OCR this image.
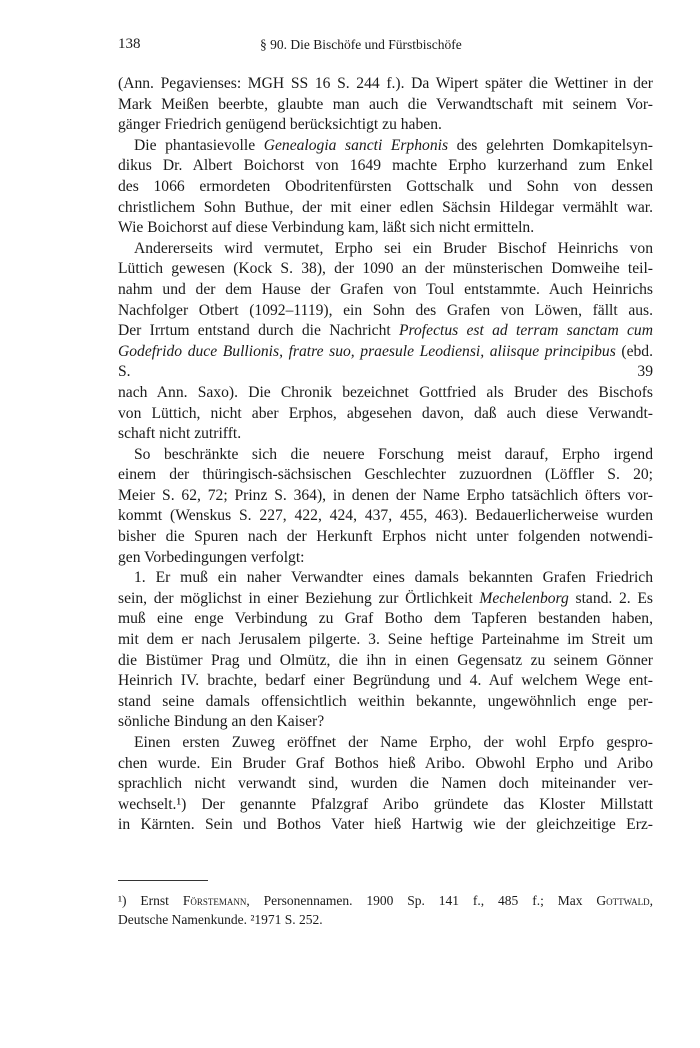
138	§ 90. Die Bischöfe und Fürstbischöfe
(Ann. Pegavienses: MGH SS 16 S. 244 f.). Da Wipert später die Wettiner in der
Mark Meißen beerbte, glaubte man auch die Verwandtschaft mit seinem Vor-
gänger Friedrich genügend berücksichtigt zu haben.
Die phantasievolle Genealogia sancti Erphonis des gelehrten Domkapitelsyn-
dikus Dr. Albert Boichorst von 1649 machte Erpho kurzerhand zum Enkel
des 1066 ermordeten Obodritenfürsten Gottschalk und Sohn von dessen
christlichem Sohn Buthue, der mit einer edlen Sächsin Hildegar vermählt war.
Wie Boichorst auf diese Verbindung kam, läßt sich nicht ermitteln.
Andererseits wird vermutet, Erpho sei ein Bruder Bischof Heinrichs von
Lüttich gewesen (Kock S. 38), der 1090 an der münsterischen Domweihe teil-
nahm und der dem Hause der Grafen von Toul entstammte. Auch Heinrichs
Nachfolger Otbert (1092–1119), ein Sohn des Grafen von Löwen, fällt aus.
Der Irrtum entstand durch die Nachricht Profectus est ad terram sanctam cum
Godefrido duce Bullionis, fratre suo, praesule Leodiensi, aliisque principibus (ebd. S. 39
nach Ann. Saxo). Die Chronik bezeichnet Gottfried als Bruder des Bischofs
von Lüttich, nicht aber Erphos, abgesehen davon, daß auch diese Verwandt-
schaft nicht zutrifft.
So beschränkte sich die neuere Forschung meist darauf, Erpho irgend
einem der thüringisch-sächsischen Geschlechter zuzuordnen (Löffler S. 20;
Meier S. 62, 72; Prinz S. 364), in denen der Name Erpho tatsächlich öfters vor-
kommt (Wenskus S. 227, 422, 424, 437, 455, 463). Bedauerlicherweise wurden
bisher die Spuren nach der Herkunft Erphos nicht unter folgenden notwendi-
gen Vorbedingungen verfolgt:
1. Er muß ein naher Verwandter eines damals bekannten Grafen Friedrich
sein, der möglichst in einer Beziehung zur Örtlichkeit Mechelenborg stand. 2. Es
muß eine enge Verbindung zu Graf Botho dem Tapferen bestanden haben,
mit dem er nach Jerusalem pilgerte. 3. Seine heftige Parteinahme im Streit um
die Bistümer Prag und Olmütz, die ihn in einen Gegensatz zu seinem Gönner
Heinrich IV. brachte, bedarf einer Begründung und 4. Auf welchem Wege ent-
stand seine damals offensichtlich weithin bekannte, ungewöhnlich enge per-
sönliche Bindung an den Kaiser?
Einen ersten Zuweg eröffnet der Name Erpho, der wohl Erpfo gespro-
chen wurde. Ein Bruder Graf Bothos hieß Aribo. Obwohl Erpho und Aribo
sprachlich nicht verwandt sind, wurden die Namen doch miteinander ver-
wechselt.¹) Der genannte Pfalzgraf Aribo gründete das Kloster Millstatt
in Kärnten. Sein und Bothos Vater hieß Hartwig wie der gleichzeitige Erz-
¹) Ernst Förstemann, Personennamen. 1900 Sp. 141 f., 485 f.; Max Gottwald,
Deutsche Namenkunde. ²1971 S. 252.
